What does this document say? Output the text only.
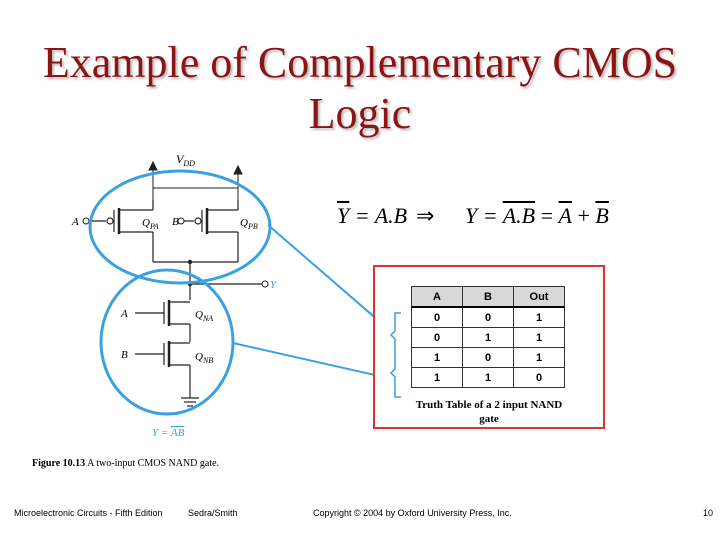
Example of Complementary CMOS
Logic
$V_{DD}$
A	$Q_{PA}$ B	$Q_{PB}$
Y
A	$Q_{NA}$
B	$Q_{NB}$
Y = AB
$\overline{Y} = A.B$ ⇒ $Y = A.B = \overline{A} + \overline{B}$
A	B	Out
0	0	1
0	1	1
1	0	1
1	1	0
Truth Table of a 2 input NAND
gate
Figure 10.13 A two-input CMOS NAND gate.
Microelectronic Circuits - Fifth Edition	Sedra/Smith	Copyright © 2004 by Oxford University Press, Inc.	10
